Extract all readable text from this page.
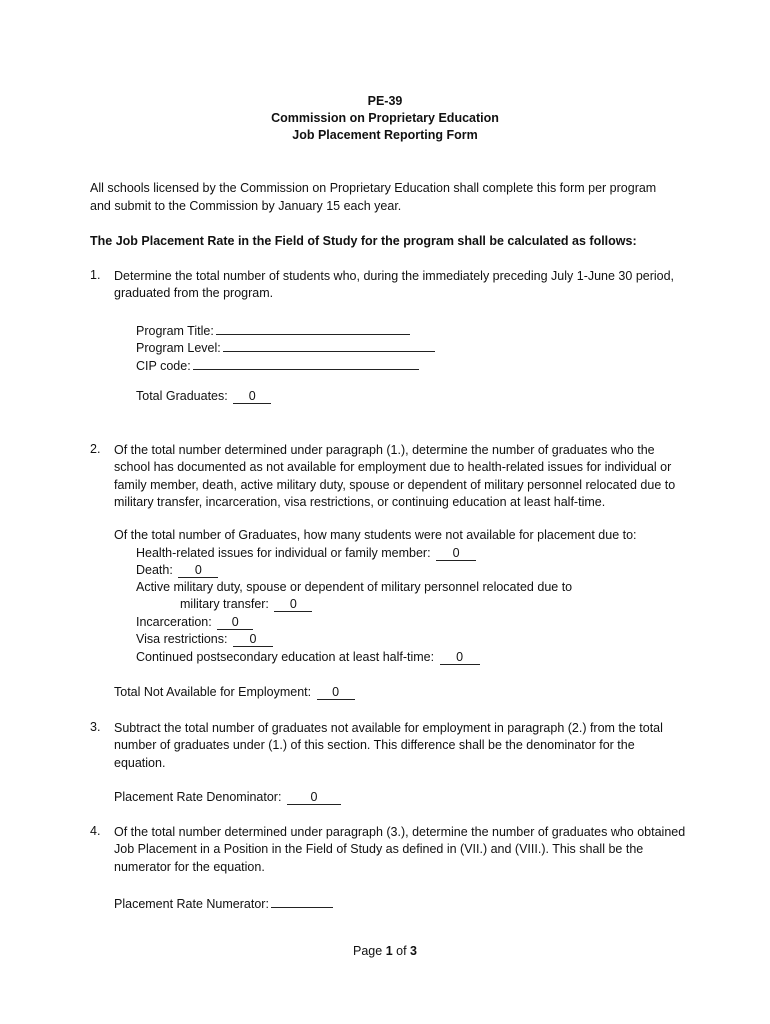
PE-39
Commission on Proprietary Education
Job Placement Reporting Form
All schools licensed by the Commission on Proprietary Education shall complete this form per program
and submit to the Commission by January 15 each year.
The Job Placement Rate in the Field of Study for the program shall be calculated as follows:
1. Determine the total number of students who, during the immediately preceding July 1-June 30 period, graduated from the program.
Program Title:
Program Level:
CIP code:
Total Graduates: 0
2. Of the total number determined under paragraph (1.), determine the number of graduates who the school has documented as not available for employment due to health-related issues for individual or family member, death, active military duty, spouse or dependent of military personnel relocated due to military transfer, incarceration, visa restrictions, or continuing education at least half-time.
Of the total number of Graduates, how many students were not available for placement due to:
Health-related issues for individual or family member: 0
Death: 0
Active military duty, spouse or dependent of military personnel relocated due to
military transfer: 0
Incarceration: 0
Visa restrictions: 0
Continued postsecondary education at least half-time: 0
Total Not Available for Employment: 0
3. Subtract the total number of graduates not available for employment in paragraph (2.) from the total number of graduates under (1.) of this section. This difference shall be the denominator for the equation.
Placement Rate Denominator: 0
4. Of the total number determined under paragraph (3.), determine the number of graduates who obtained Job Placement in a Position in the Field of Study as defined in (VII.) and (VIII.). This shall be the numerator for the equation.
Placement Rate Numerator:
Page 1 of 3
